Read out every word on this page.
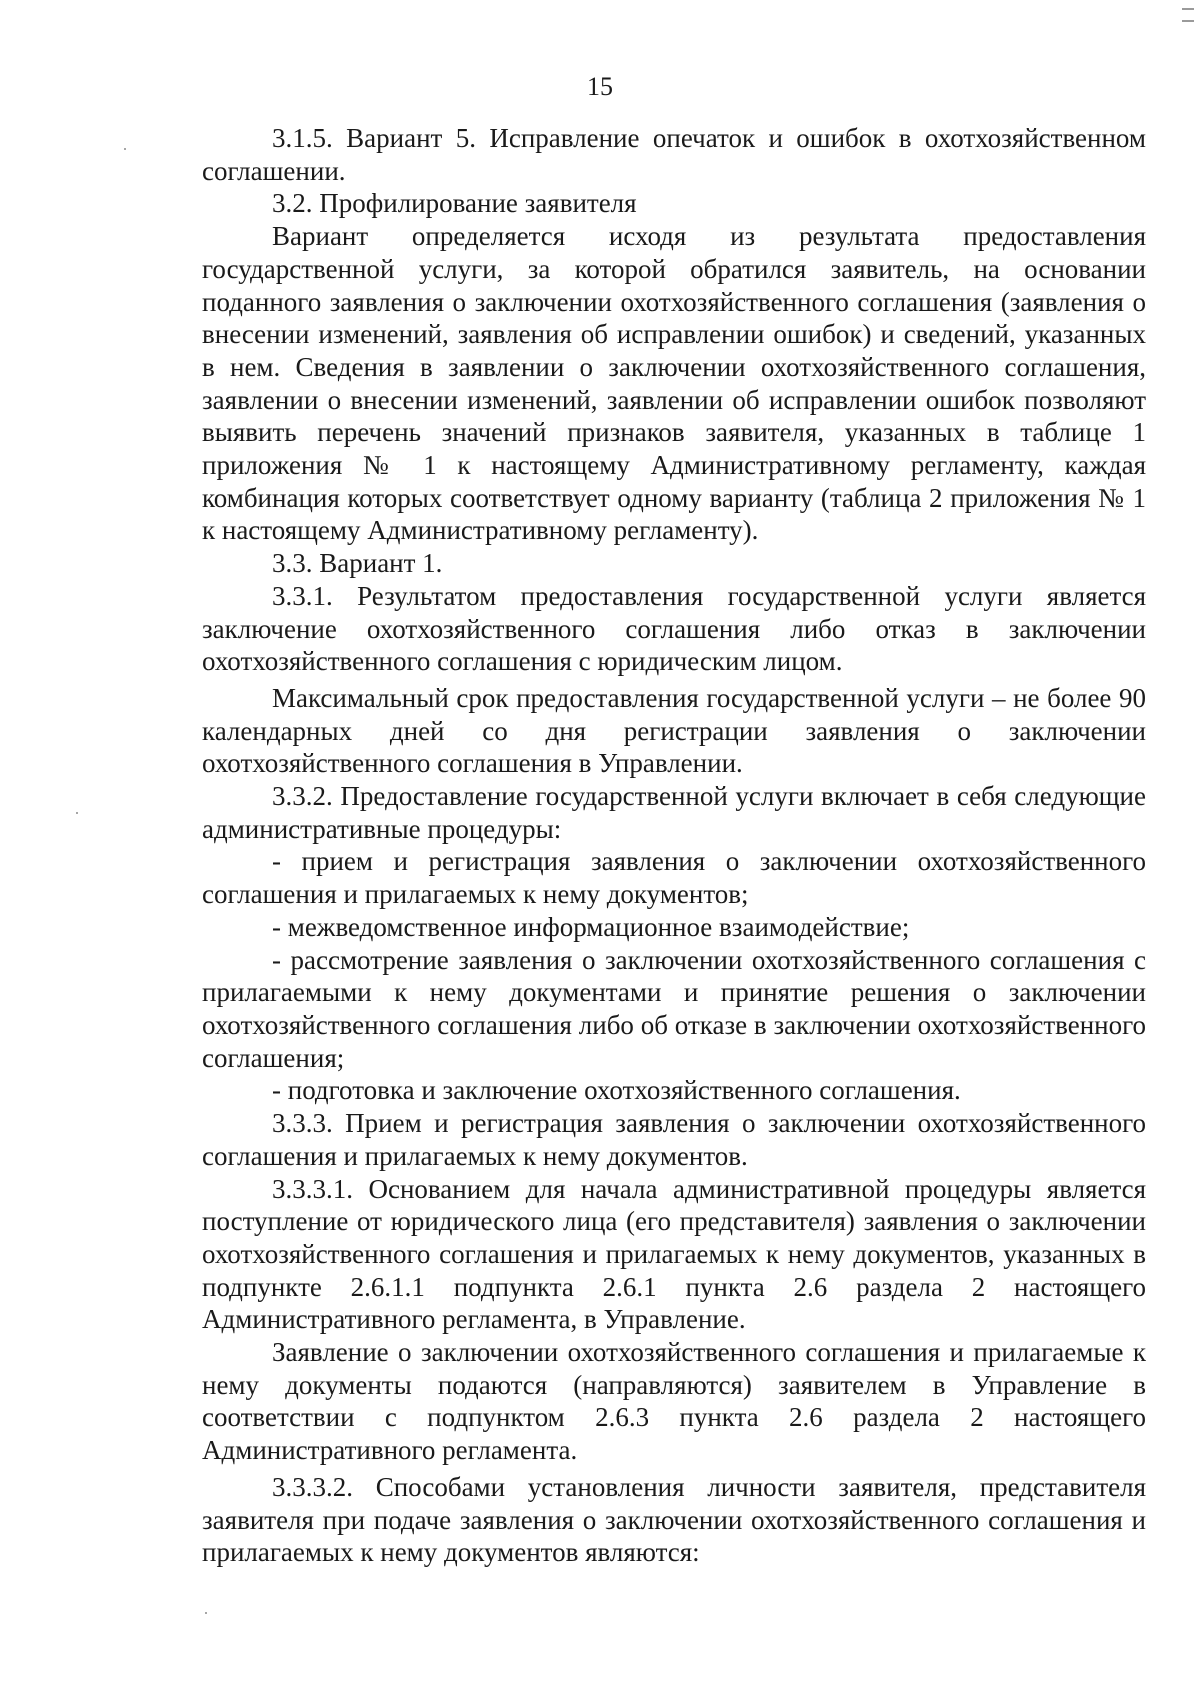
15

3.1.5. Вариант 5. Исправление опечаток и ошибок в охотхозяйственном соглашении.

3.2. Профилирование заявителя

Вариант определяется исходя из результата предоставления государственной услуги, за которой обратился заявитель, на основании поданного заявления о заключении охотхозяйственного соглашения (заявления о внесении изменений, заявления об исправлении ошибок) и сведений, указанных в нем. Сведения в заявлении о заключении охотхозяйственного соглашения, заявлении о внесении изменений, заявлении об исправлении ошибок позволяют выявить перечень значений признаков заявителя, указанных в таблице 1 приложения № 1 к настоящему Административному регламенту, каждая комбинация которых соответствует одному варианту (таблица 2 приложения № 1 к настоящему Административному регламенту).

3.3. Вариант 1.

3.3.1. Результатом предоставления государственной услуги является заключение охотхозяйственного соглашения либо отказ в заключении охотхозяйственного соглашения с юридическим лицом.

Максимальный срок предоставления государственной услуги – не более 90 календарных дней со дня регистрации заявления о заключении охотхозяйственного соглашения в Управлении.

3.3.2. Предоставление государственной услуги включает в себя следующие административные процедуры:

- прием и регистрация заявления о заключении охотхозяйственного соглашения и прилагаемых к нему документов;

- межведомственное информационное взаимодействие;

- рассмотрение заявления о заключении охотхозяйственного соглашения с прилагаемыми к нему документами и принятие решения о заключении охотхозяйственного соглашения либо об отказе в заключении охотхозяйственного соглашения;

- подготовка и заключение охотхозяйственного соглашения.

3.3.3. Прием и регистрация заявления о заключении охотхозяйственного соглашения и прилагаемых к нему документов.

3.3.3.1. Основанием для начала административной процедуры является поступление от юридического лица (его представителя) заявления о заключении охотхозяйственного соглашения и прилагаемых к нему документов, указанных в подпункте 2.6.1.1 подпункта 2.6.1 пункта 2.6 раздела 2 настоящего Административного регламента, в Управление.

Заявление о заключении охотхозяйственного соглашения и прилагаемые к нему документы подаются (направляются) заявителем в Управление в соответствии с подпунктом 2.6.3 пункта 2.6 раздела 2 настоящего Административного регламента.

3.3.3.2. Способами установления личности заявителя, представителя заявителя при подаче заявления о заключении охотхозяйственного соглашения и прилагаемых к нему документов являются:
